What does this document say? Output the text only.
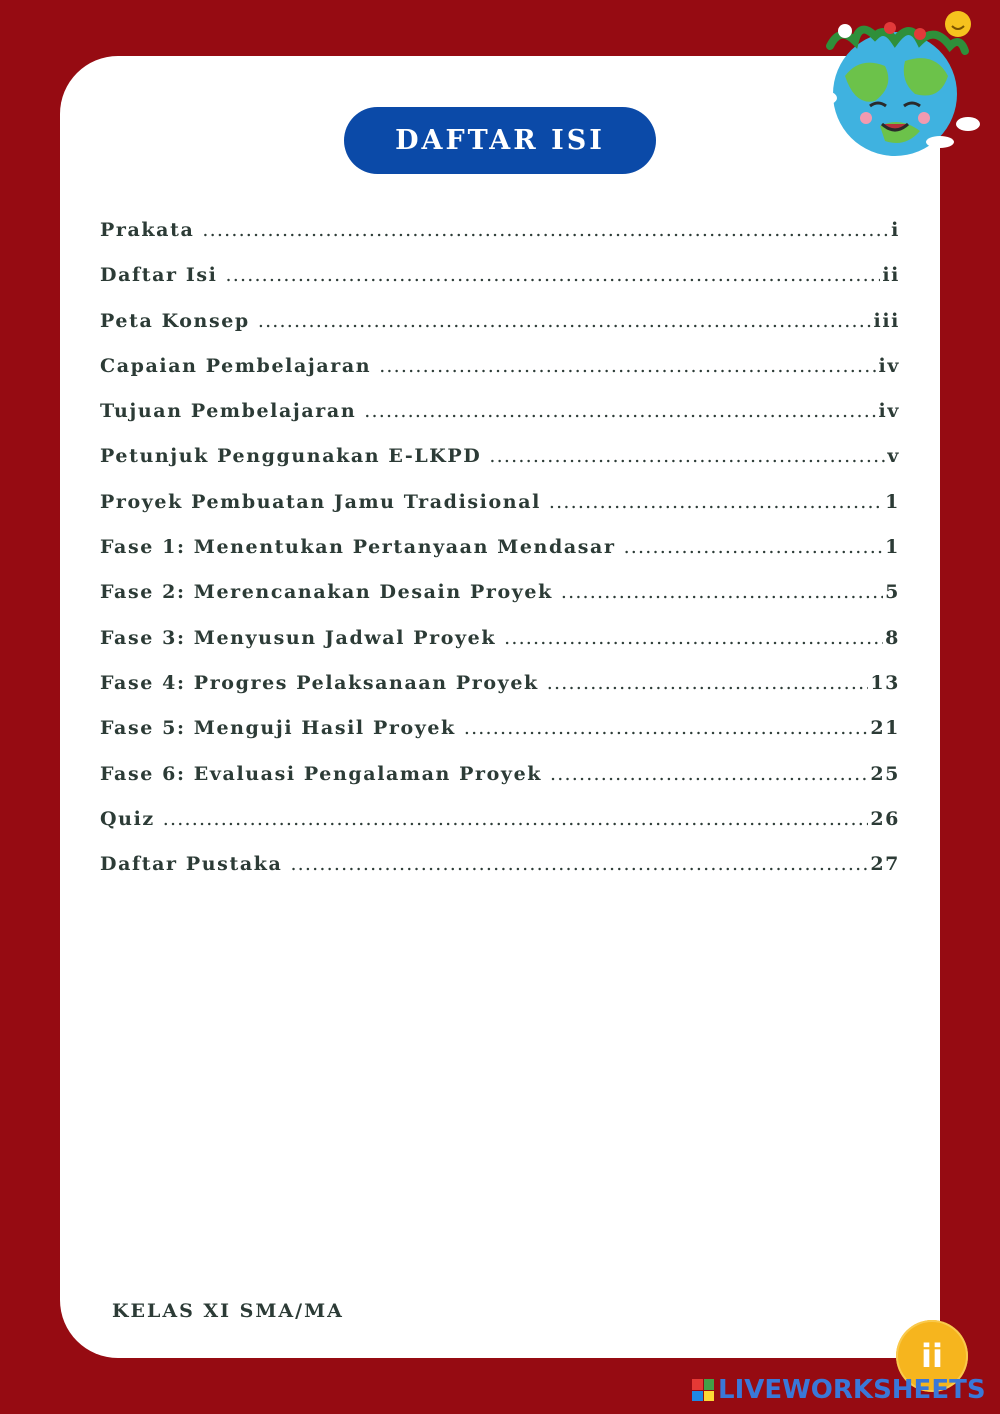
DAFTAR ISI
Prakata .....	i
Daftar Isi .....	ii
Peta Konsep .....	iii
Capaian Pembelajaran .....	iv
Tujuan Pembelajaran .....	iv
Petunjuk Penggunakan E-LKPD .....	v
Proyek Pembuatan Jamu Tradisional .....	1
Fase 1: Menentukan Pertanyaan Mendasar .....	1
Fase 2: Merencanakan Desain Proyek .....	5
Fase 3: Menyusun Jadwal Proyek .....	8
Fase 4: Progres Pelaksanaan Proyek .....	13
Fase 5: Menguji Hasil Proyek .....	21
Fase 6: Evaluasi Pengalaman Proyek .....	25
Quiz .....	26
Daftar Pustaka .....	27
KELAS XI SMA/MA
ii
LIVEWORKSHEETS
